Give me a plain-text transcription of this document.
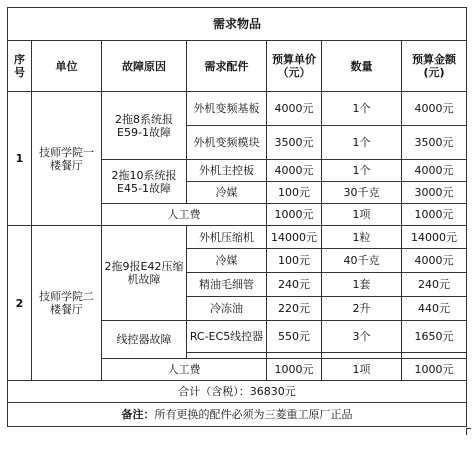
需求物品						
序号	单位	故障原因	需求配件	预算单价（元）	数量	预算金额(元)
1	技师学院一楼餐厅	2拖8系统报E59-1故障	外机变频基板	4000元	1个	4000元
			外机变频模块	3500元	1个	3500元
		2拖10系统报E45-1故障	外机主控板	4000元	1个	4000元
			冷媒	100元	30千克	3000元
		人工费		1000元	1项	1000元
2	技师学院二楼餐厅	2拖9报E42压缩机故障	外机压缩机	14000元	1粒	14000元
			冷媒	100元	40千克	4000元
			精油毛细管	240元	1套	240元
			冷冻油	220元	2升	440元
		线控器故障	RC-EC5线控器	550元	3个	1650元

		人工费		1000元	1项	1000元
合计（含税）：36830元						
备注：所有更换的配件必须为三菱重工原厂正品						
